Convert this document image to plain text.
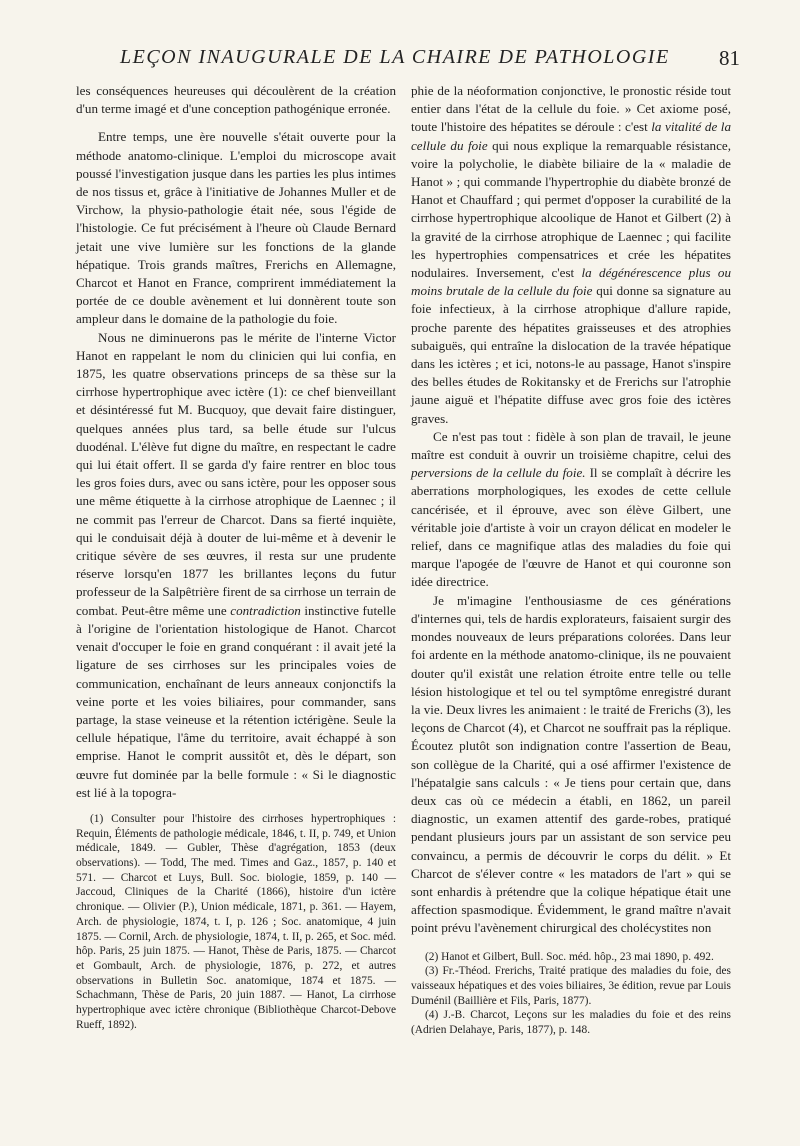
LEÇON INAUGURALE DE LA CHAIRE DE PATHOLOGIE	81

les conséquences heureuses qui découlèrent de la création d'un terme imagé et d'une conception pathogénique erronée.

Entre temps, une ère nouvelle s'était ouverte pour la méthode anatomo-clinique. L'emploi du microscope avait poussé l'investigation jusque dans les parties les plus intimes de nos tissus et, grâce à l'initiative de Johannes Muller et de Virchow, la physio-pathologie était née, sous l'égide de l'histologie. Ce fut précisément à l'heure où Claude Bernard jetait une vive lumière sur les fonctions de la glande hépatique. Trois grands maîtres, Frerichs en Allemagne, Charcot et Hanot en France, comprirent immédiatement la portée de ce double avènement et lui donnèrent toute son ampleur dans le domaine de la pathologie du foie.

Nous ne diminuerons pas le mérite de l'interne Victor Hanot en rappelant le nom du clinicien qui lui confia, en 1875, les quatre observations princeps de sa thèse sur la cirrhose hypertrophique avec ictère (1): ce chef bienveillant et désintéressé fut M. Bucquoy, que devait faire distinguer, quelques années plus tard, sa belle étude sur l'ulcus duodénal. L'élève fut digne du maître, en respectant le cadre qui lui était offert. Il se garda d'y faire rentrer en bloc tous les gros foies durs, avec ou sans ictère, pour les opposer sous une même étiquette à la cirrhose atrophique de Laennec ; il ne commit pas l'erreur de Charcot. Dans sa fierté inquiète, qui le conduisait déjà à douter de lui-même et à devenir le critique sévère de ses œuvres, il resta sur une prudente réserve lorsqu'en 1877 les brillantes leçons du futur professeur de la Salpêtrière firent de sa cirrhose un terrain de combat. Peut-être même une contradiction instinctive futelle à l'origine de l'orientation histologique de Hanot. Charcot venait d'occuper le foie en grand conquérant : il avait jeté la ligature de ses cirrhoses sur les principales voies de communication, enchaînant de leurs anneaux conjonctifs la veine porte et les voies biliaires, pour commander, sans partage, la stase veineuse et la rétention ictérigène. Seule la cellule hépatique, l'âme du territoire, avait échappé à son emprise. Hanot le comprit aussitôt et, dès le départ, son œuvre fut dominée par la belle formule : « Si le diagnostic est lié à la topogra-

(1) Consulter pour l'histoire des cirrhoses hypertrophiques : Requin, Éléments de pathologie médicale, 1846, t. II, p. 749, et Union médicale, 1849. — Gubler, Thèse d'agrégation, 1853 (deux observations). — Todd, The med. Times and Gaz., 1857, p. 140 et 571. — Charcot et Luys, Bull. Soc. biologie, 1859, p. 140 — Jaccoud, Cliniques de la Charité (1866), histoire d'un ictère chronique. — Olivier (P.), Union médicale, 1871, p. 361. — Hayem, Arch. de physiologie, 1874, t. I, p. 126 ; Soc. anatomique, 4 juin 1875. — Cornil, Arch. de physiologie, 1874, t. II, p. 265, et Soc. méd. hôp. Paris, 25 juin 1875. — Hanot, Thèse de Paris, 1875. — Charcot et Gombault, Arch. de physiologie, 1876, p. 272, et autres observations in Bulletin Soc. anatomique, 1874 et 1875. — Schachmann, Thèse de Paris, 20 juin 1887. — Hanot, La cirrhose hypertrophique avec ictère chronique (Bibliothèque Charcot-Debove Rueff, 1892).

phie de la néoformation conjonctive, le pronostic réside tout entier dans l'état de la cellule du foie. » Cet axiome posé, toute l'histoire des hépatites se déroule : c'est la vitalité de la cellule du foie qui nous explique la remarquable résistance, voire la polycholie, le diabète biliaire de la « maladie de Hanot » ; qui commande l'hypertrophie du diabète bronzé de Hanot et Chauffard ; qui permet d'opposer la curabilité de la cirrhose hypertrophique alcoolique de Hanot et Gilbert (2) à la gravité de la cirrhose atrophique de Laennec ; qui facilite les hypertrophies compensatrices et crée les hépatites nodulaires. Inversement, c'est la dégénérescence plus ou moins brutale de la cellule du foie qui donne sa signature au foie infectieux, à la cirrhose atrophique d'allure rapide, proche parente des hépatites graisseuses et des atrophies subaiguës, qui entraîne la dislocation de la travée hépatique dans les ictères ; et ici, notons-le au passage, Hanot s'inspire des belles études de Rokitansky et de Frerichs sur l'atrophie jaune aiguë et l'hépatite diffuse avec gros foie des ictères graves.

Ce n'est pas tout : fidèle à son plan de travail, le jeune maître est conduit à ouvrir un troisième chapitre, celui des perversions de la cellule du foie. Il se complaît à décrire les aberrations morphologiques, les exodes de cette cellule cancérisée, et il éprouve, avec son élève Gilbert, une véritable joie d'artiste à voir un crayon délicat en modeler le relief, dans ce magnifique atlas des maladies du foie qui marque l'apogée de l'œuvre de Hanot et qui couronne son idée directrice.

Je m'imagine l'enthousiasme de ces générations d'internes qui, tels de hardis explorateurs, faisaient surgir des mondes nouveaux de leurs préparations colorées. Dans leur foi ardente en la méthode anatomo-clinique, ils ne pouvaient douter qu'il existât une relation étroite entre telle ou telle lésion histologique et tel ou tel symptôme enregistré durant la vie. Deux livres les animaient : le traité de Frerichs (3), les leçons de Charcot (4), et Charcot ne souffrait pas la réplique. Écoutez plutôt son indignation contre l'assertion de Beau, son collègue de la Charité, qui a osé affirmer l'existence de l'hépatalgie sans calculs : « Je tiens pour certain que, dans deux cas où ce médecin a établi, en 1862, un pareil diagnostic, un examen attentif des garde-robes, pratiqué pendant plusieurs jours par un assistant de son service peu convaincu, a permis de découvrir le corps du délit. » Et Charcot de s'élever contre « les matadors de l'art » qui se sont enhardis à prétendre que la colique hépatique était une affection spasmodique. Évidemment, le grand maître n'avait point prévu l'avènement chirurgical des cholécystites non

(2) Hanot et Gilbert, Bull. Soc. méd. hôp., 23 mai 1890, p. 492.

(3) Fr.-Théod. Frerichs, Traité pratique des maladies du foie, des vaisseaux hépatiques et des voies biliaires, 3e édition, revue par Louis Duménil (Baillière et Fils, Paris, 1877).

(4) J.-B. Charcot, Leçons sur les maladies du foie et des reins (Adrien Delahaye, Paris, 1877), p. 148.
